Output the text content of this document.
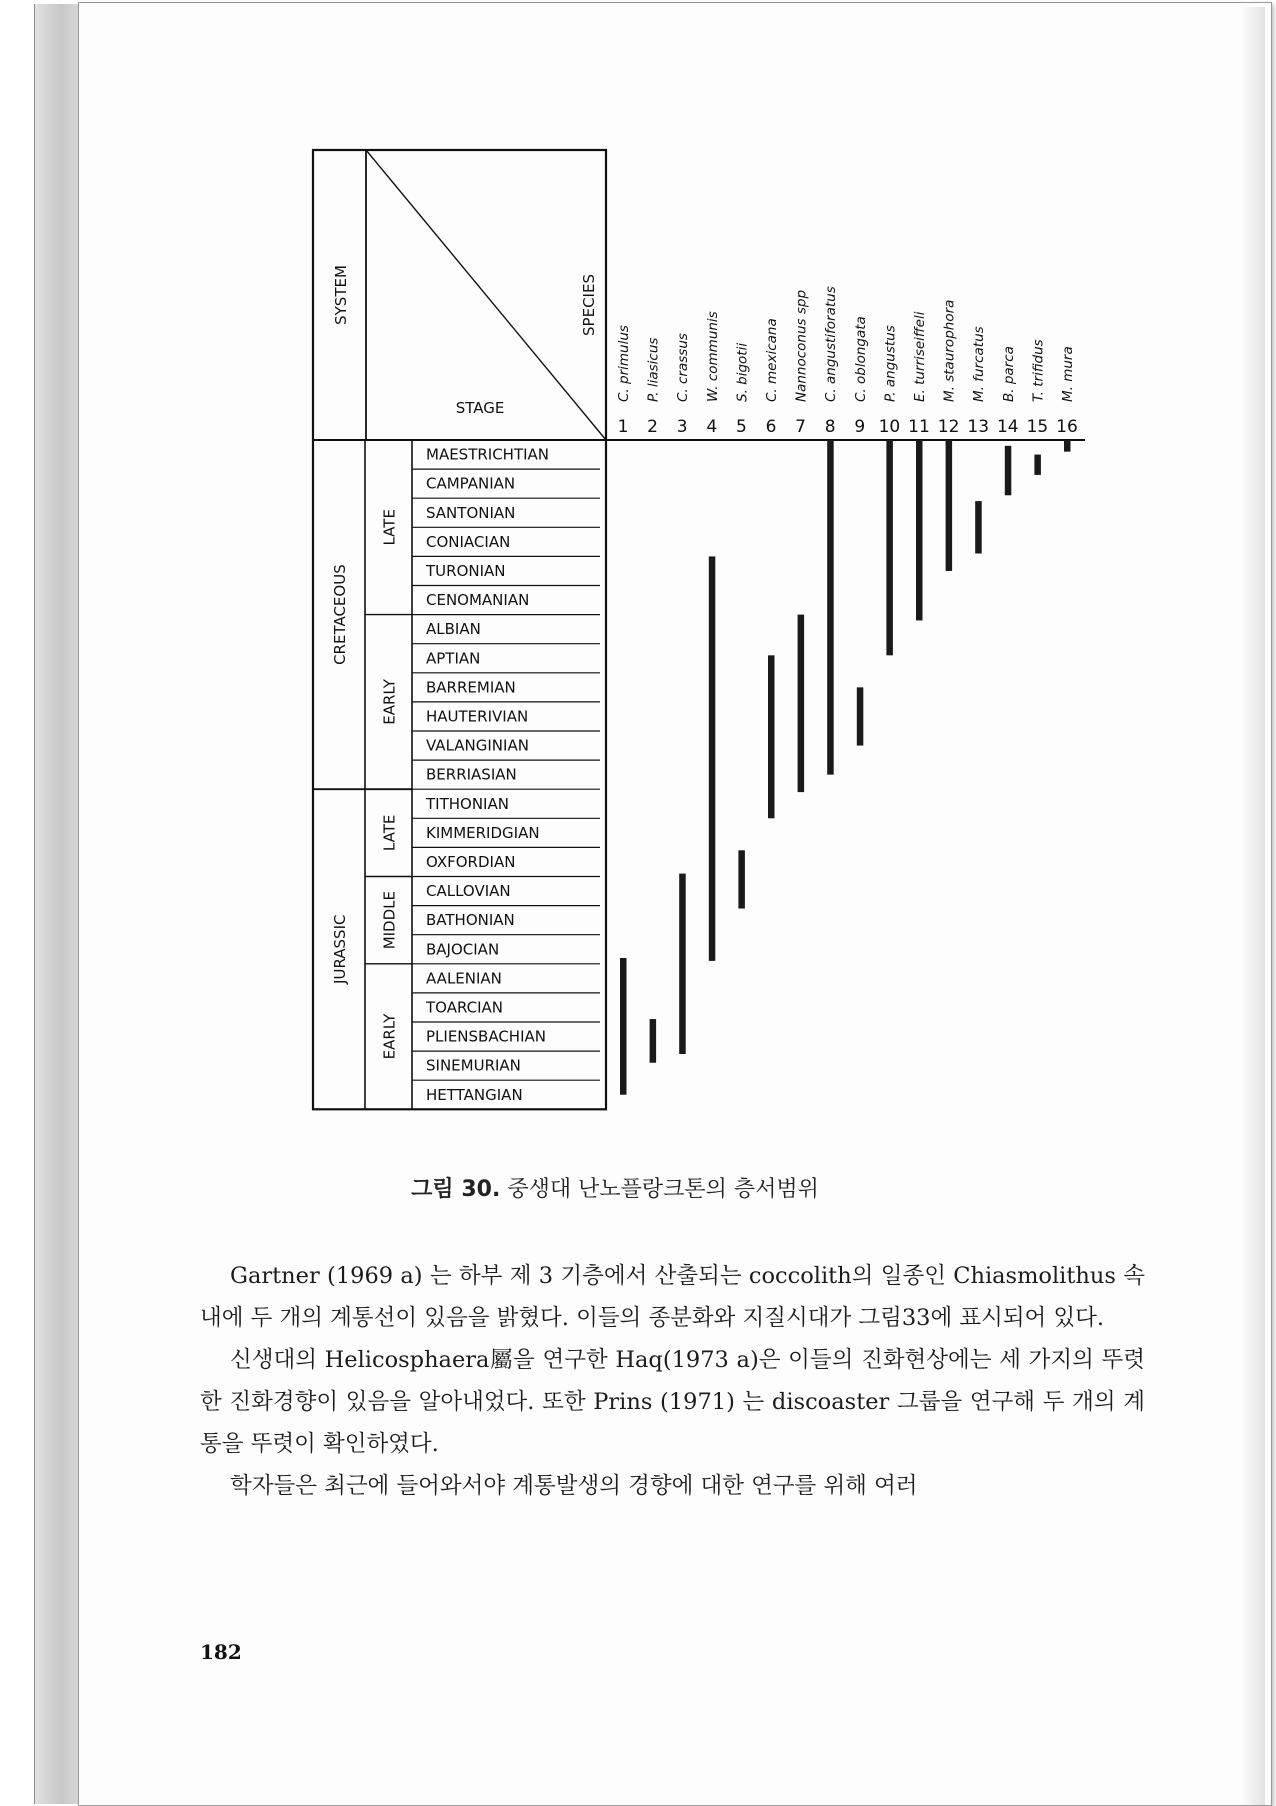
SYSTEM
STAGE
SPECIES
MAESTRICHTIAN
CAMPANIAN
SANTONIAN
CONIACIAN
TURONIAN
CENOMANIAN
ALBIAN
APTIAN
BARREMIAN
HAUTERIVIAN
VALANGINIAN
BERRIASIAN
TITHONIAN
KIMMERIDGIAN
OXFORDIAN
CALLOVIAN
BATHONIAN
BAJOCIAN
AALENIAN
TOARCIAN
PLIENSBACHIAN
SINEMURIAN
HETTANGIAN
LATE
EARLY
CRETACEOUS
LATE
MIDDLE
EARLY
JURASSIC
1
C. primulus
2
P. liasicus
3
C. crassus
4
W. communis
5
S. bigotii
6
C. mexicana
7
Nannoconus spp
8
C. angustiforatus
9
C. oblongata
10
P. angustus
11
E. turriseiffeli
12
M. staurophora
13
M. furcatus
14
B. parca
15
T. trifidus
16
M. mura
그림 30. 중생대 난노플랑크톤의 층서범위

Gartner (1969 a) 는 하부 제 3 기층에서 산출되는 coccolith의 일종인 Chiasmolithus 속 내에 두 개의 계통선이 있음을 밝혔다. 이들의 종분화와 지질시대가 그림33에 표시되어 있다.

신생대의 Helicosphaera屬을 연구한 Haq(1973 a)은 이들의 진화현상에는 세 가지의 뚜렷한 진화경향이 있음을 알아내었다. 또한 Prins (1971) 는 discoaster 그룹을 연구해 두 개의 계통을 뚜렷이 확인하였다.

학자들은 최근에 들어와서야 계통발생의 경향에 대한 연구를 위해 여러

182
